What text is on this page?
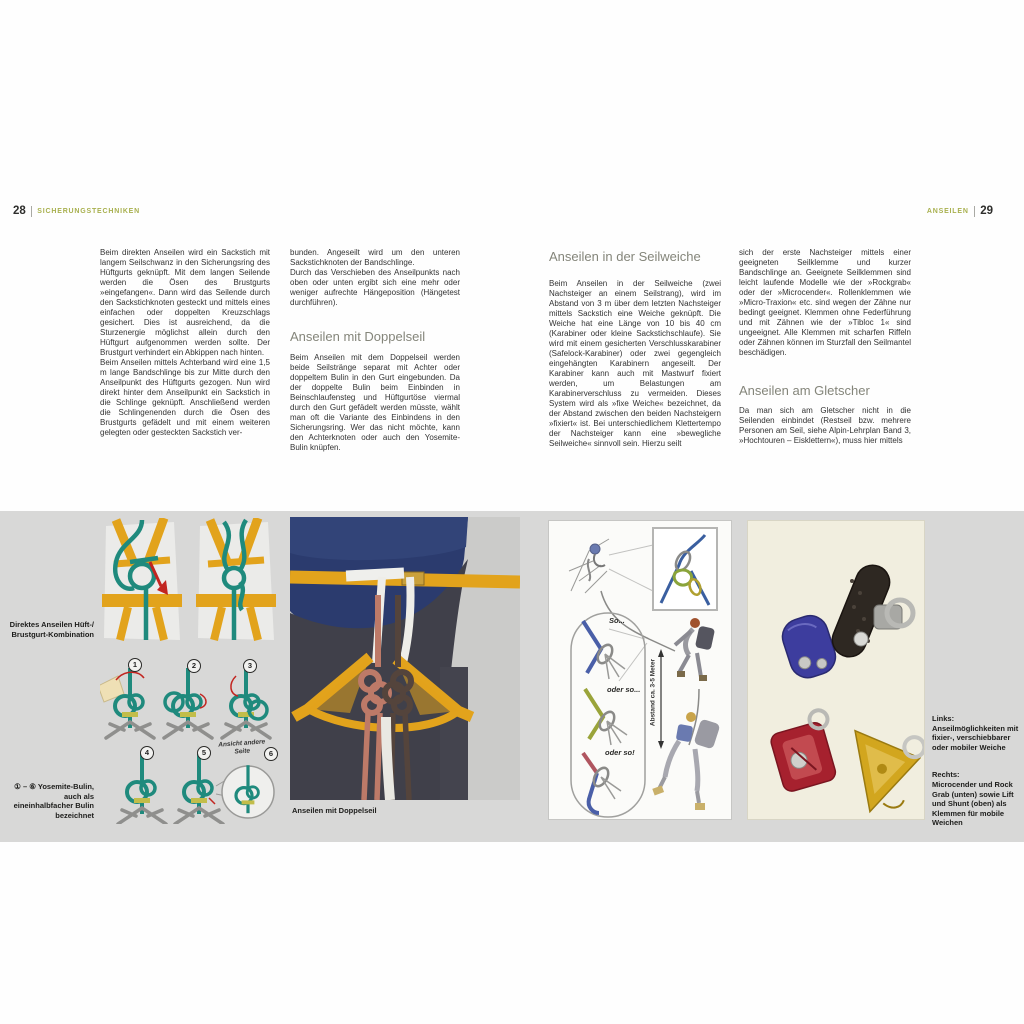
28 SICHERUNGSTECHNIKEN	ANSEILEN 29

Beim direkten Anseilen wird ein Sackstich mit langem Seilschwanz in den Sicherungsring des Hüftgurts geknüpft. Mit dem langen Seilende werden die Ösen des Brustgurts »eingefangen«. Dann wird das Seilende durch den Sackstichknoten gesteckt und mittels eines einfachen oder doppelten Kreuzschlags gesichert. Dies ist ausreichend, da die Sturzenergie möglichst allein durch den Hüftgurt aufgenommen werden sollte. Der Brustgurt verhindert ein Abkippen nach hinten.

Beim Anseilen mittels Achterband wird eine 1,5 m lange Bandschlinge bis zur Mitte durch den Anseilpunkt des Hüftgurts gezogen. Nun wird direkt hinter dem Anseilpunkt ein Sackstich in die Schlinge geknüpft. Anschließend werden die Schlingenenden durch die Ösen des Brustgurts gefädelt und mit einem weiteren gelegten oder gesteckten Sackstich ver-

bunden. Angeseilt wird um den unteren Sackstichknoten der Bandschlinge.

Durch das Verschieben des Anseilpunkts nach oben oder unten ergibt sich eine mehr oder weniger aufrechte Hängeposition (Hängetest durchführen).

Anseilen mit Doppelseil

Beim Anseilen mit dem Doppelseil werden beide Seilstränge separat mit Achter oder doppeltem Bulin in den Gurt eingebunden. Da der doppelte Bulin beim Einbinden in Beinschlaufensteg und Hüftgurtöse viermal durch den Gurt gefädelt werden müsste, wählt man oft die Variante des Einbindens in den Sicherungsring. Wer das nicht möchte, kann den Achterknoten oder auch den Yosemite-Bulin knüpfen.

Anseilen in der Seilweiche

Beim Anseilen in der Seilweiche (zwei Nachsteiger an einem Seilstrang), wird im Abstand von 3 m über dem letzten Nachsteiger mittels Sackstich eine Weiche geknüpft. Die Weiche hat eine Länge von 10 bis 40 cm (Karabiner oder kleine Sackstichschlaufe). Sie wird mit einem gesicherten Verschlusskarabiner (Safelock-Karabiner) oder zwei gegengleich eingehängten Karabinern angeseilt. Der Karabiner kann auch mit Mastwurf fixiert werden, um Belastungen am Karabinerverschluss zu vermeiden. Dieses System wird als »fixe Weiche« bezeichnet, da der Abstand zwischen den beiden Nachsteigern »fixiert« ist. Bei unterschiedlichem Klettertempo der Nachsteiger kann eine »bewegliche Seilweiche« sinnvoll sein. Hierzu seilt

sich der erste Nachsteiger mittels einer geeigneten Seilklemme und kurzer Bandschlinge an. Geeignete Seilklemmen sind leicht laufende Modelle wie der »Rockgrab« oder der »Microcender«. Rollenklemmen wie »Micro-Traxion« etc. sind wegen der Zähne nur bedingt geeignet. Klemmen ohne Federführung und mit Zähnen wie der »Tibloc 1« sind ungeeignet. Alle Klemmen mit scharfen Riffeln oder Zähnen können im Sturzfall den Seilmantel beschädigen.

Anseilen am Gletscher

Da man sich am Gletscher nicht in die Seilenden einbindet (Restseil bzw. mehrere Personen am Seil, siehe Alpin-Lehrplan Band 3, »Hochtouren – Eisklettern«), muss hier mittels

Direktes Anseilen Hüft-/ Brustgurt-Kombination
① – ⑥ Yosemite-Bulin, auch als eineinhalbfacher Bulin bezeichnet
1	2	3
4	5	6
Ansicht andere Seite
Anseilen mit Doppelseil
So...
oder so...
oder so!
Abstand ca. 3-5 Meter	Links: Anseilmöglichkeiten mit fixier-, verschiebbarer oder mobiler Weiche
Rechts:
Microcender und Rock Grab (unten) sowie Lift und Shunt (oben) als Klemmen für mobile Weichen
